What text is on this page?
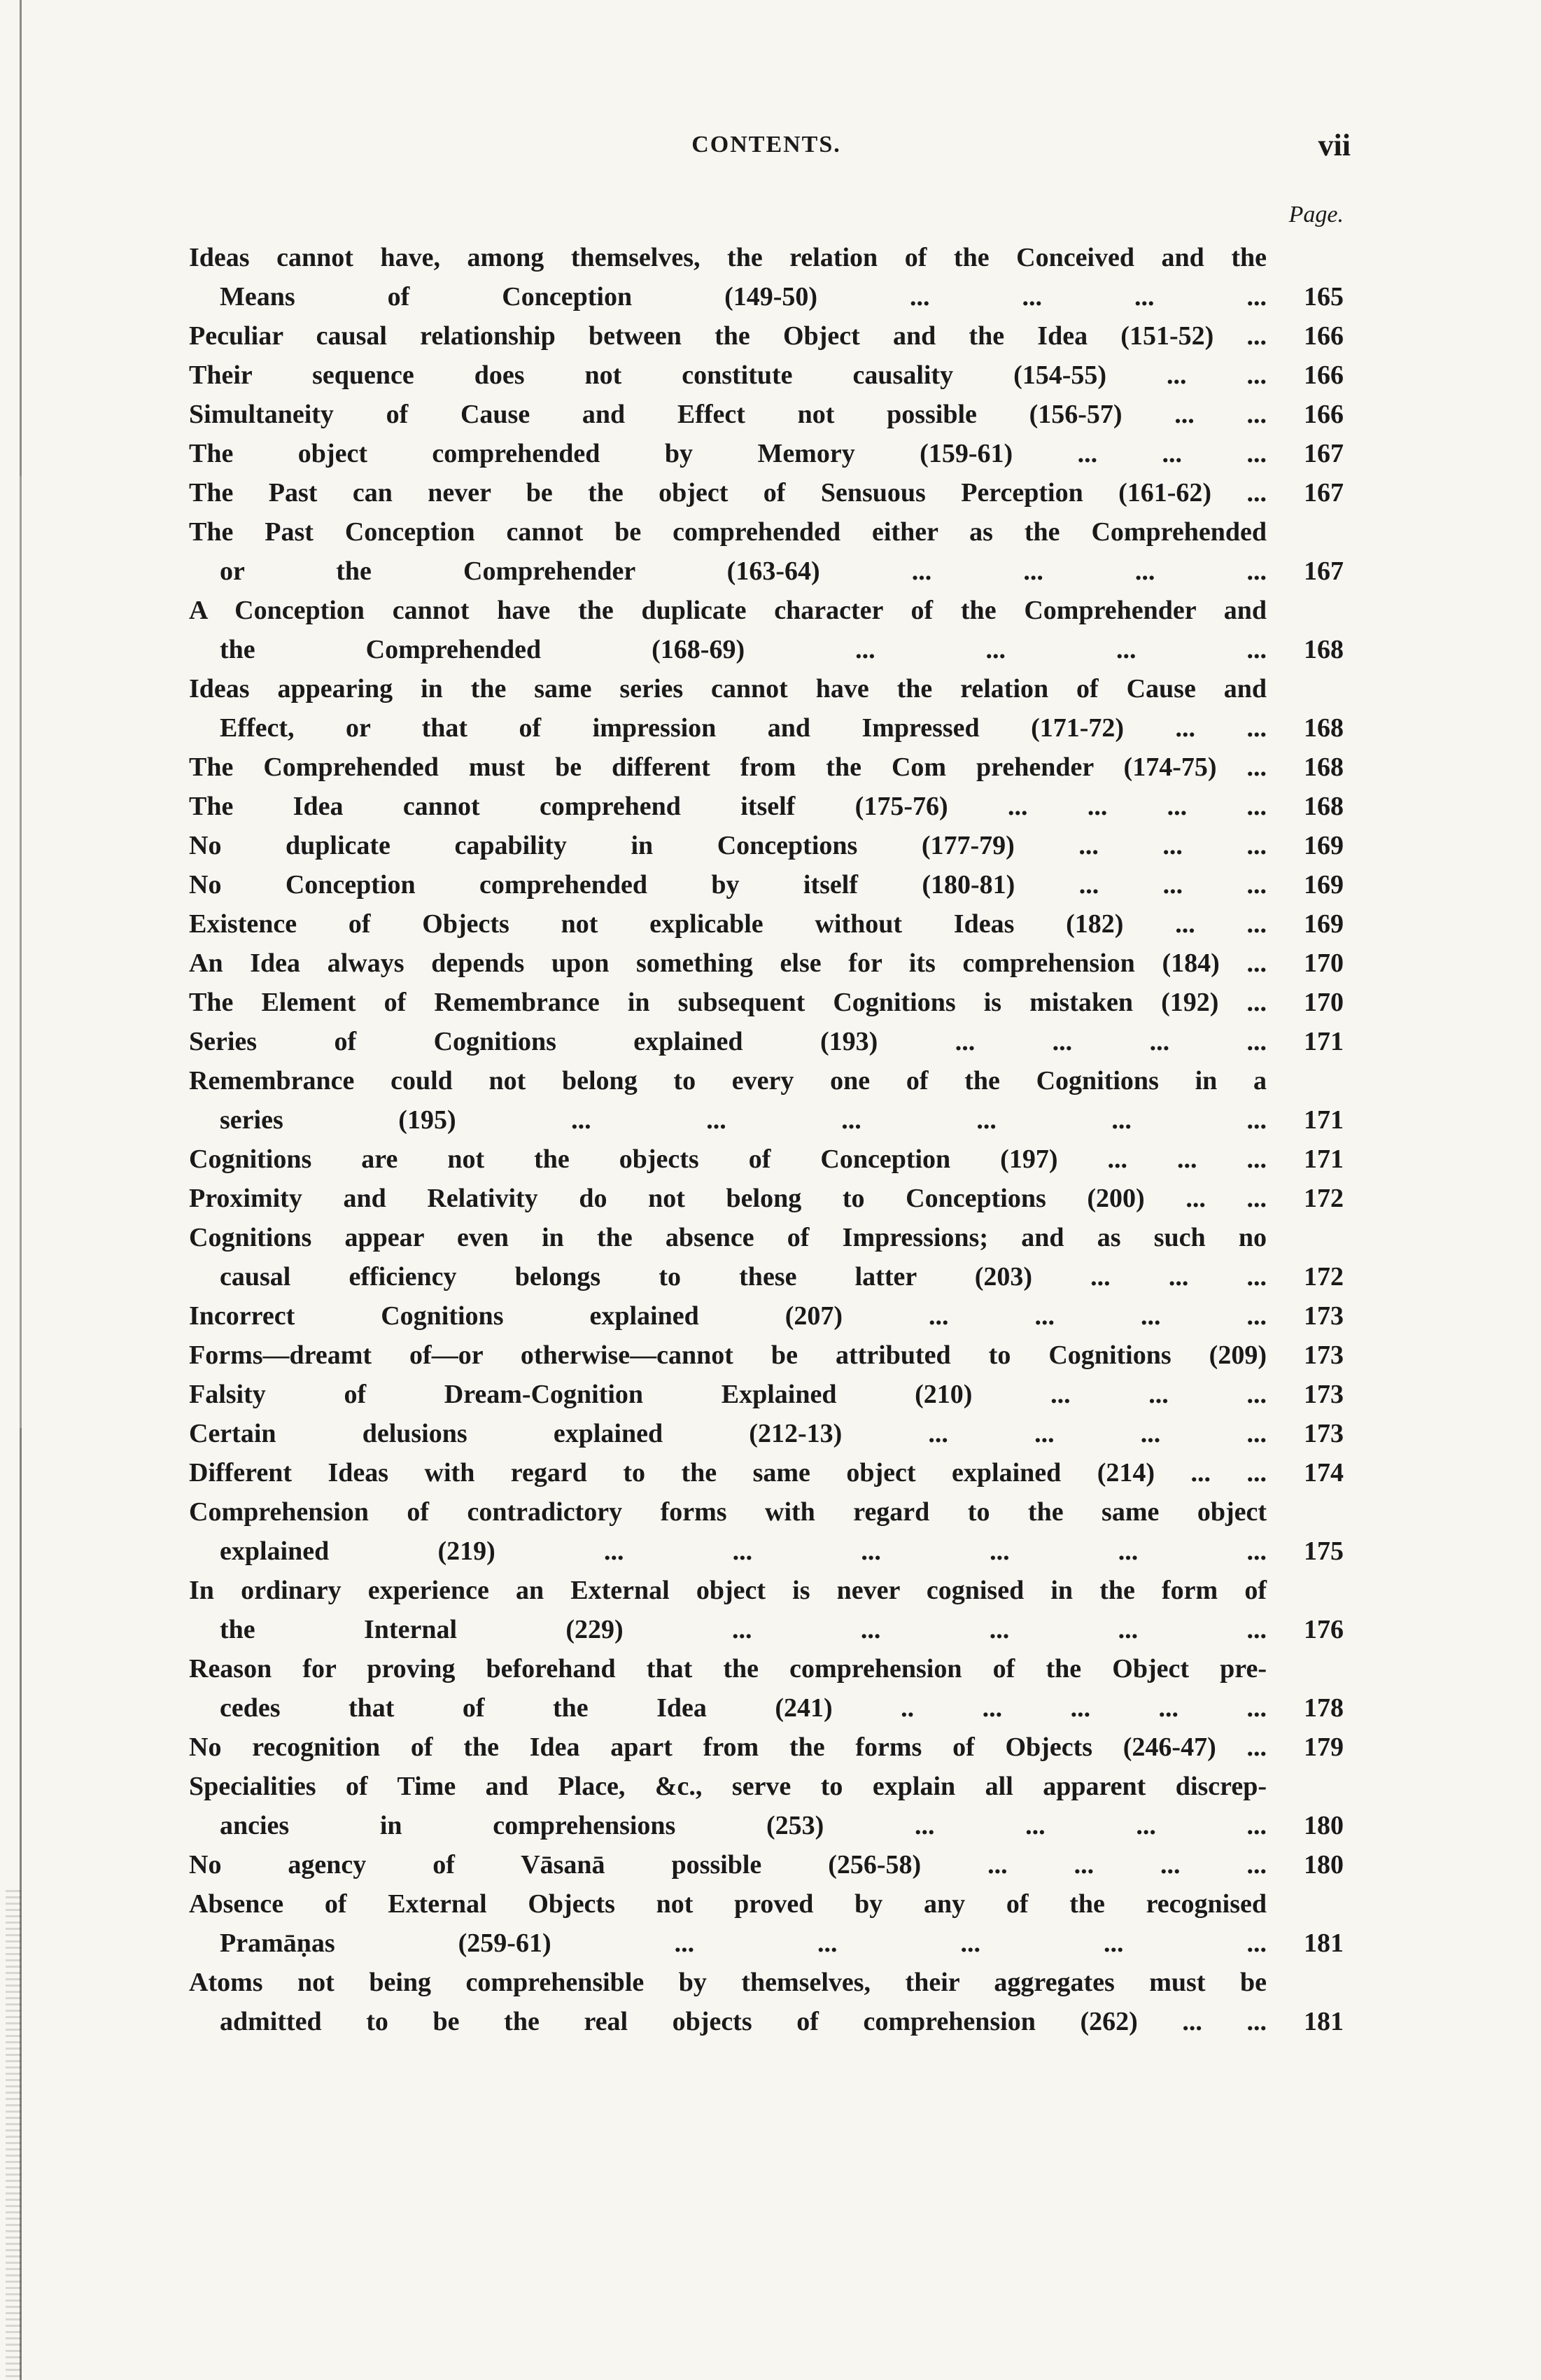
CONTENTS.	vii
Page.
Ideas cannot have, among themselves, the relation of the Conceived and the
Means of Conception (149-50) ... ... ... ...	165
Peculiar causal relationship between the Object and the Idea (151-52) ...	166
Their sequence does not constitute causality (154-55) ... ...	166
Simultaneity of Cause and Effect not possible (156-57) ... ...	166
The object comprehended by Memory (159-61) ... ... ...	167
The Past can never be the object of Sensuous Perception (161-62) ...	167
The Past Conception cannot be comprehended either as the Comprehended
or the Comprehender (163-64) ... ... ... ...	167
A Conception cannot have the duplicate character of the Comprehender and
the Comprehended (168-69) ... ... ... ...	168
Ideas appearing in the same series cannot have the relation of Cause and
Effect, or that of impression and Impressed (171-72) ... ...	168
The Comprehended must be different from the Com prehender (174-75) ...	168
The Idea cannot comprehend itself (175-76) ... ... ... ...	168
No duplicate capability in Conceptions (177-79) ... ... ...	169
No Conception comprehended by itself (180-81) ... ... ...	169
Existence of Objects not explicable without Ideas (182) ... ...	169
An Idea always depends upon something else for its comprehension (184) ...	170
The Element of Remembrance in subsequent Cognitions is mistaken (192) ...	170
Series of Cognitions explained (193) ... ... ... ...	171
Remembrance could not belong to every one of the Cognitions in a
series (195) ... ... ... ... ... ...	171
Cognitions are not the objects of Conception (197) ... ... ...	171
Proximity and Relativity do not belong to Conceptions (200) ... ...	172
Cognitions appear even in the absence of Impressions; and as such no
causal efficiency belongs to these latter (203) ... ... ...	172
Incorrect Cognitions explained (207) ... ... ... ...	173
Forms—dreamt of—or otherwise—cannot be attributed to Cognitions (209)	173
Falsity of Dream-Cognition Explained (210) ... ... ...	173
Certain delusions explained (212-13) ... ... ... ...	173
Different Ideas with regard to the same object explained (214) ... ...	174
Comprehension of contradictory forms with regard to the same object
explained (219) ... ... ... ... ... ...	175
In ordinary experience an External object is never cognised in the form of
the Internal (229) ... ... ... ... ...	176
Reason for proving beforehand that the comprehension of the Object pre-
cedes that of the Idea (241) .. ... ... ... ...	178
No recognition of the Idea apart from the forms of Objects (246-47) ...	179
Specialities of Time and Place, &c., serve to explain all apparent discrep-
ancies in comprehensions (253) ... ... ... ...	180
No agency of Vāsanā possible (256-58) ... ... ... ...	180
Absence of External Objects not proved by any of the recognised
Pramāṇas (259-61) ... ... ... ... ...	181
Atoms not being comprehensible by themselves, their aggregates must be
admitted to be the real objects of comprehension (262) ... ...	181
